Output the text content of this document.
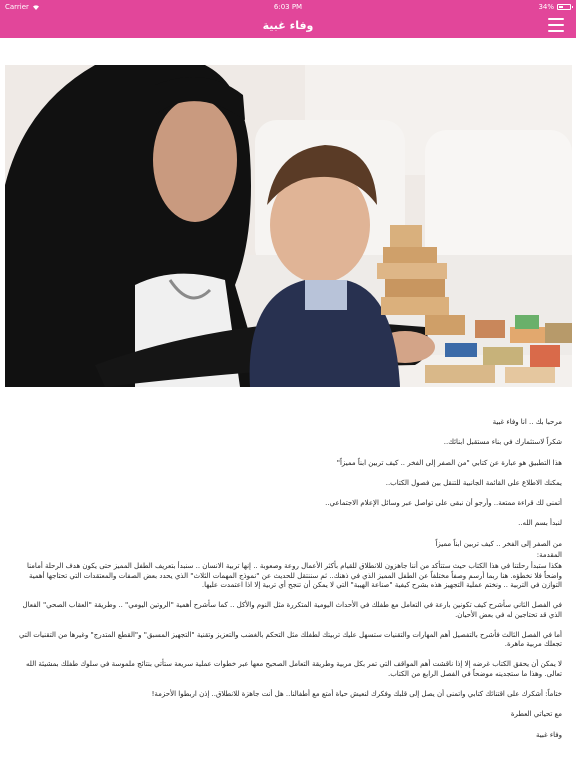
Carrier	6:03 PM	34%
وفاء غبية

مرحبا بك .. انا وفاء غبية

شكراً لاستثمارك في بناء مستقبل ابنائك..

هذا التطبيق هو عبارة عن كتابي "من الصفر إلى الفخر .. كيف تربين ابناً مميزاً"

يمكنك الاطلاع على القائمة الجانبية للتنقل بين فصول الكتاب..

أتمنى لك قراءة ممتعة.. وأرجو أن نبقى على تواصل عبر وسائل الإعلام الاجتماعي..

لنبدأ بسم الله..

من الصفر إلى الفخر .. كيف تربين ابناً مميزاً

المقدمة:

هكذا ستبدأ رحلتنا في هذا الكتاب حيث ستتأكد من أننا جاهزون للانطلاق للقيام بأكثر الأعمال روعة وصعوبة .. إنها تربية الانسان .. سنبدأ بتعريف الطفل المميز حتى يكون هدف الرحلة أمامنا واضحاً فلا نخطؤه. هنا ربما أرسم وصفاً مختلفاً عن الطفل المميز الذي في ذهنك.. ثم سننتقل للحديث عن "نموذج المهمات الثلاث" الذي يحدد بعض الصفات والمعتقدات التي تحتاجها أهمية التوازن في التربية .. ونختم عملية التجهيز هذه بشرح كيفية "صناعة الهيبة" التي لا يمكن أن تنجح أي تربية إلا اذا اعتمدت عليها.

في الفصل الثاني سأشرح كيف تكونين بارعة في التعامل مع طفلك في الأحداث اليومية المتكررة مثل النوم والأكل .. كما سأشرح أهمية "الروتين اليومي" .. وطريقة "العقاب الصحي" الفعال الذي قد تحتاجين له في بعض الأحيان.

أما في الفصل الثالث فأشرح بالتفصيل أهم المهارات والتقنيات ستسهل عليك تربيتك لطفلك مثل التحكم بالغضب والتعزيز وتقنية "التجهيز المسبق" و"القطع المتدرج" وغيرها من التقنيات التي تجعلك مربية ماهرة.

لا يمكن أن يحقق الكتاب غرضه إلا إذا ناقشت أهم المواقف التي تمر بكل مربية وطريقة التعامل الصحيح معها عبر خطوات عملية سريعة ستأتي بنتائج ملموسة في سلوك طفلك بمشيئة الله تعالى. وهذا ما ستجدينه موضحاً في الفصل الرابع من الكتاب.

ختاماً: أشكرك على اقتنائك كتابي واتمنى أن يصل إلى قلبك وفكرك لنعيش حياة أمتع مع أطفالنا.. هل أنت جاهزة للانطلاق.. إذن اربطوا الأحزمة!

مع تحياتي العطرة

وفاء غبية
